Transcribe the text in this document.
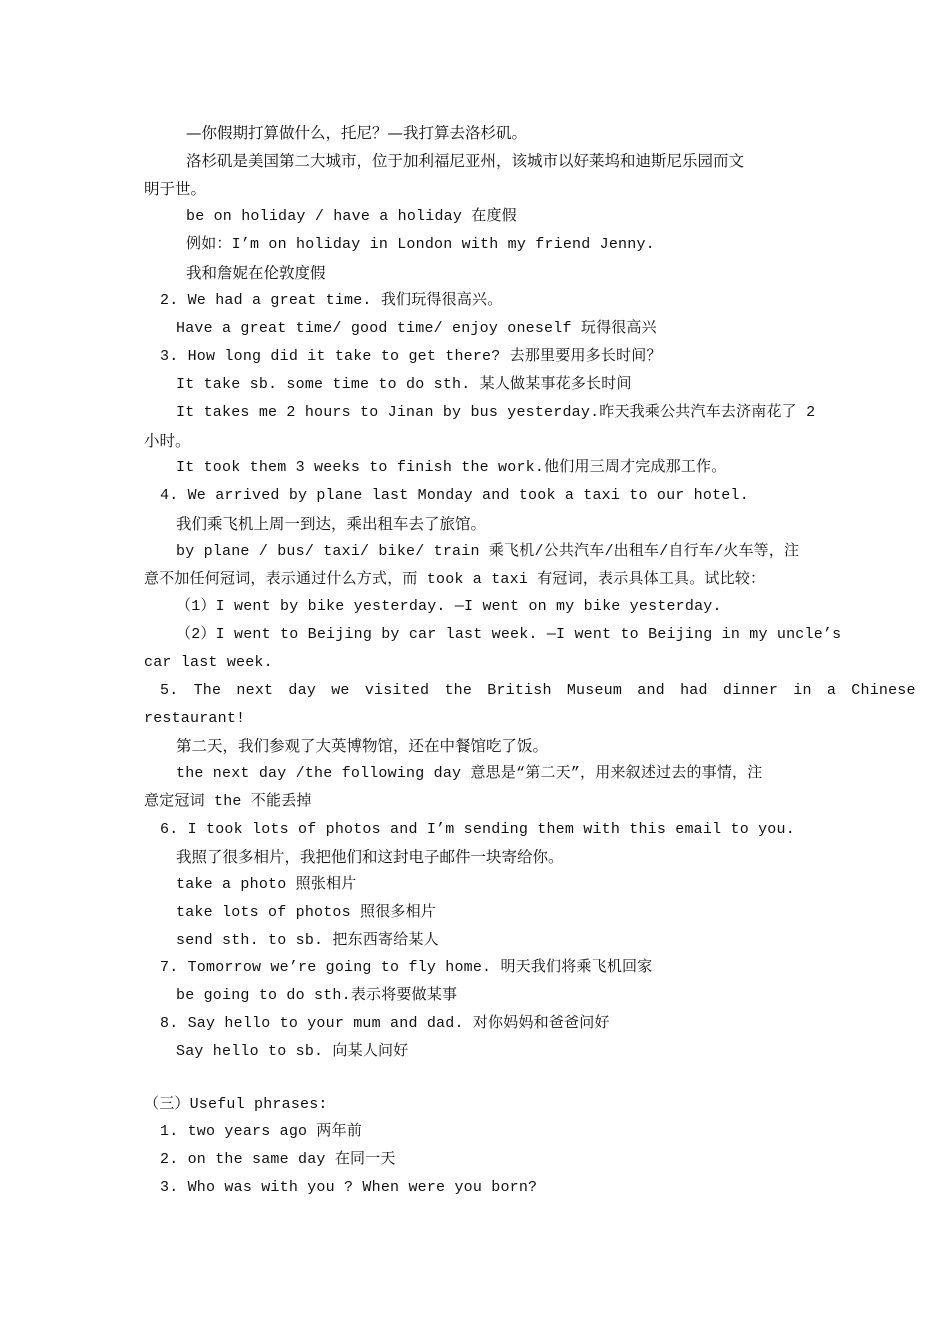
—你假期打算做什么，托尼？—我打算去洛杉矶。
洛杉矶是美国第二大城市，位于加利福尼亚州，该城市以好莱坞和迪斯尼乐园而文
明于世。
be on holiday / have a holiday 在度假
例如：I’m on holiday in London with my friend Jenny.
我和詹妮在伦敦度假
2. We had a great time. 我们玩得很高兴。
Have a great time/ good time/ enjoy oneself 玩得很高兴
3. How long did it take to get there? 去那里要用多长时间？
It take sb. some time to do sth. 某人做某事花多长时间
It takes me 2 hours to Jinan by bus yesterday.昨天我乘公共汽车去济南花了 2
小时。
It took them 3 weeks to finish the work.他们用三周才完成那工作。
4. We arrived by plane last Monday and took a taxi to our hotel.
我们乘飞机上周一到达，乘出租车去了旅馆。
by plane / bus/ taxi/ bike/ train 乘飞机/公共汽车/出租车/自行车/火车等，注
意不加任何冠词，表示通过什么方式，而 took a taxi 有冠词，表示具体工具。试比较：
（1）I went by bike yesterday. —I went on my bike yesterday.
（2）I went to Beijing by car last week. —I went to Beijing in my uncle’s
car last week.
5. The next day we visited the British Museum and had dinner in a Chinese
restaurant!
第二天，我们参观了大英博物馆，还在中餐馆吃了饭。
the next day /the following day 意思是“第二天”，用来叙述过去的事情，注
意定冠词 the 不能丢掉
6. I took lots of photos and I’m sending them with this email to you.
我照了很多相片，我把他们和这封电子邮件一块寄给你。
take a photo 照张相片
take lots of photos 照很多相片
send sth. to sb. 把东西寄给某人
7. Tomorrow we’re going to fly home. 明天我们将乘飞机回家
be going to do sth.表示将要做某事
8. Say hello to your mum and dad. 对你妈妈和爸爸问好
Say hello to sb. 向某人问好
（三）Useful phrases:
1. two years ago 两年前
2. on the same day 在同一天
3. Who was with you ? When were you born?
